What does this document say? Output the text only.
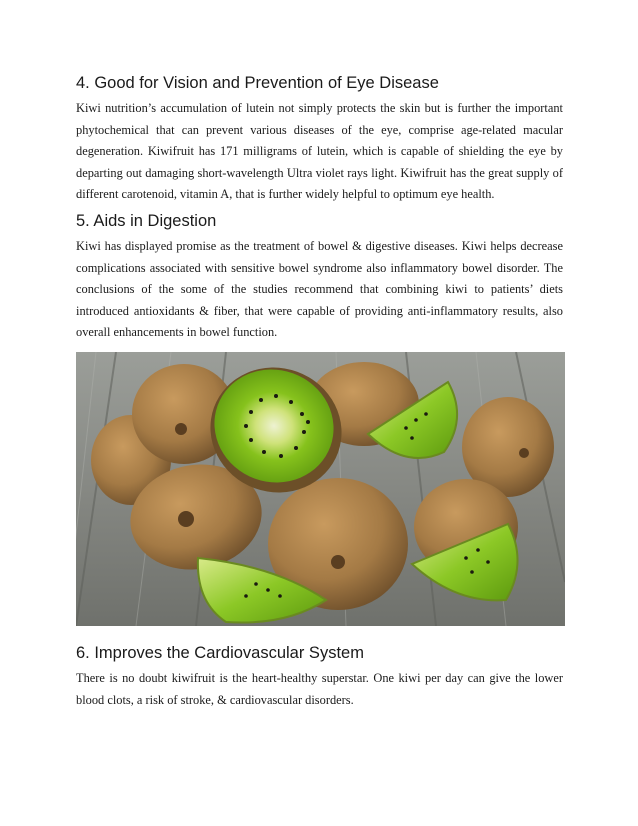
4. Good for Vision and Prevention of Eye Disease

Kiwi nutrition’s accumulation of lutein not simply protects the skin but is further the important phytochemical that can prevent various diseases of the eye, comprise age-related macular degeneration. Kiwifruit has 171 milligrams of lutein, which is capable of shielding the eye by departing out damaging short-wavelength Ultra violet rays light. Kiwifruit has the great supply of different carotenoid, vitamin A, that is further widely helpful to optimum eye health.

5. Aids in Digestion

Kiwi has displayed promise as the treatment of bowel & digestive diseases. Kiwi helps decrease complications associated with sensitive bowel syndrome also inflammatory bowel disorder. The conclusions of the some of the studies recommend that combining kiwi to patients’ diets introduced antioxidants & fiber, that were capable of providing anti-inflammatory results, also overall enhancements in bowel function.

6. Improves the Cardiovascular System

There is no doubt kiwifruit is the heart-healthy superstar. One kiwi per day can give the lower blood clots, a risk of stroke, & cardiovascular disorders.
